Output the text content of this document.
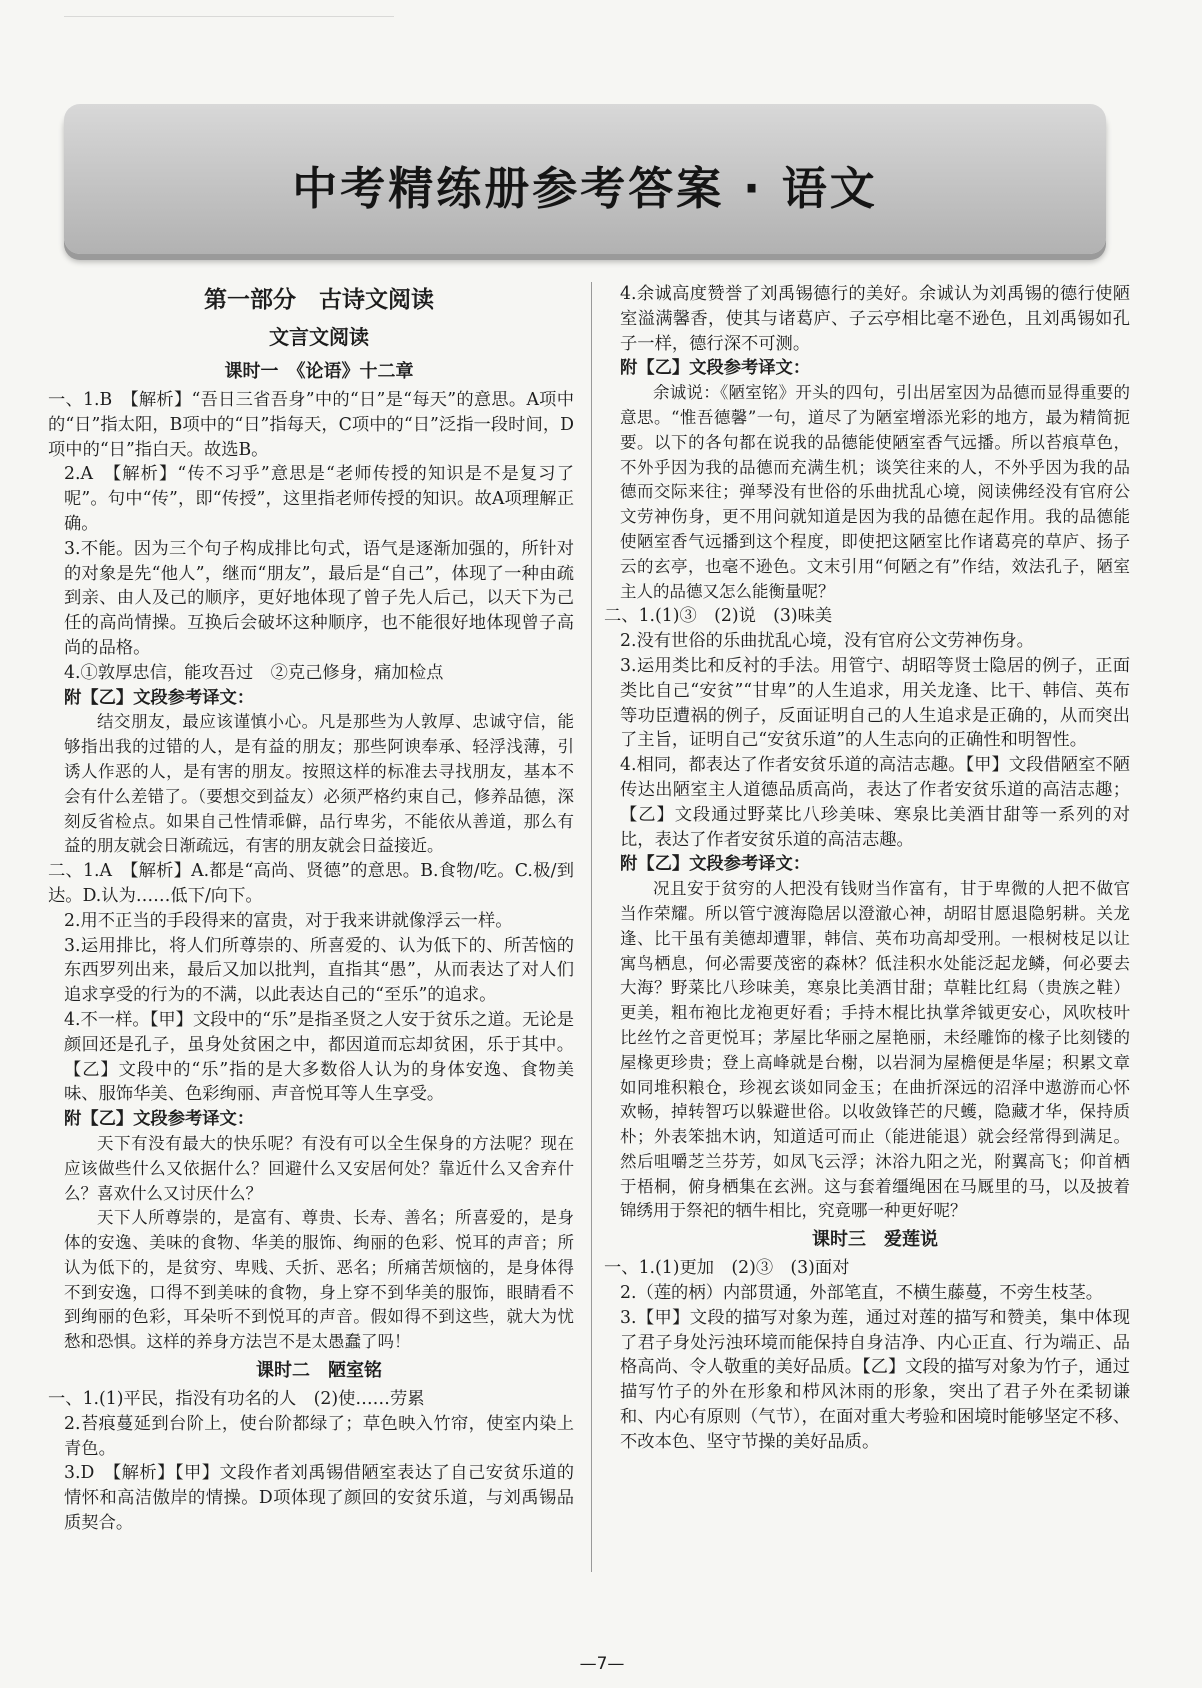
中考精练册参考答案 · 语文
第一部分　古诗文阅读
文言文阅读
课时一　《论语》十二章

一、1.B　【解析】“吾日三省吾身”中的“日”是“每天”的意思。A项中的“日”指太阳，B项中的“日”指每天，C项中的“日”泛指一段时间，D项中的“日”指白天。故选B。

2.A　【解析】“传不习乎”意思是“老师传授的知识是不是复习了呢”。句中“传”，即“传授”，这里指老师传授的知识。故A项理解正确。

3.不能。因为三个句子构成排比句式，语气是逐渐加强的，所针对的对象是先“他人”，继而“朋友”，最后是“自己”，体现了一种由疏到亲、由人及己的顺序，更好地体现了曾子先人后己，以天下为己任的高尚情操。互换后会破坏这种顺序，也不能很好地体现曾子高尚的品格。

4.①敦厚忠信，能攻吾过　②克己修身，痛加检点

附【乙】文段参考译文：

结交朋友，最应该谨慎小心。凡是那些为人敦厚、忠诚守信，能够指出我的过错的人，是有益的朋友；那些阿谀奉承、轻浮浅薄，引诱人作恶的人，是有害的朋友。按照这样的标准去寻找朋友，基本不会有什么差错了。（要想交到益友）必须严格约束自己，修养品德，深刻反省检点。如果自己性情乖僻，品行卑劣，不能依从善道，那么有益的朋友就会日渐疏远，有害的朋友就会日益接近。

二、1.A　【解析】A.都是“高尚、贤德”的意思。B.食物/吃。C.极/到达。D.认为……低下/向下。

2.用不正当的手段得来的富贵，对于我来讲就像浮云一样。

3.运用排比，将人们所尊崇的、所喜爱的、认为低下的、所苦恼的东西罗列出来，最后又加以批判，直指其“愚”，从而表达了对人们追求享受的行为的不满，以此表达自己的“至乐”的追求。

4.不一样。【甲】文段中的“乐”是指圣贤之人安于贫乐之道。无论是颜回还是孔子，虽身处贫困之中，都因道而忘却贫困，乐于其中。【乙】文段中的“乐”指的是大多数俗人认为的身体安逸、食物美味、服饰华美、色彩绚丽、声音悦耳等人生享受。

附【乙】文段参考译文：

天下有没有最大的快乐呢？有没有可以全生保身的方法呢？现在应该做些什么又依据什么？回避什么又安居何处？靠近什么又舍弃什么？喜欢什么又讨厌什么？

天下人所尊崇的，是富有、尊贵、长寿、善名；所喜爱的，是身体的安逸、美味的食物、华美的服饰、绚丽的色彩、悦耳的声音；所认为低下的，是贫穷、卑贱、夭折、恶名；所痛苦烦恼的，是身体得不到安逸，口得不到美味的食物，身上穿不到华美的服饰，眼睛看不到绚丽的色彩，耳朵听不到悦耳的声音。假如得不到这些，就大为忧愁和恐惧。这样的养身方法岂不是太愚蠢了吗！

课时二　陋室铭

一、1.(1)平民，指没有功名的人　(2)使……劳累

2.苔痕蔓延到台阶上，使台阶都绿了；草色映入竹帘，使室内染上青色。

3.D　【解析】【甲】文段作者刘禹锡借陋室表达了自己安贫乐道的情怀和高洁傲岸的情操。D项体现了颜回的安贫乐道，与刘禹锡品质契合。

4.余诚高度赞誉了刘禹锡德行的美好。余诚认为刘禹锡的德行使陋室溢满馨香，使其与诸葛庐、子云亭相比毫不逊色，且刘禹锡如孔子一样，德行深不可测。

附【乙】文段参考译文：

余诚说：《陋室铭》开头的四句，引出居室因为品德而显得重要的意思。“惟吾德馨”一句，道尽了为陋室增添光彩的地方，最为精简扼要。以下的各句都在说我的品德能使陋室香气远播。所以苔痕草色，不外乎因为我的品德而充满生机；谈笑往来的人，不外乎因为我的品德而交际来往；弹琴没有世俗的乐曲扰乱心境，阅读佛经没有官府公文劳神伤身，更不用问就知道是因为我的品德在起作用。我的品德能使陋室香气远播到这个程度，即使把这陋室比作诸葛亮的草庐、扬子云的玄亭，也毫不逊色。文末引用“何陋之有”作结，效法孔子，陋室主人的品德又怎么能衡量呢？

二、1.(1)③　(2)说　(3)味美

2.没有世俗的乐曲扰乱心境，没有官府公文劳神伤身。

3.运用类比和反衬的手法。用管宁、胡昭等贤士隐居的例子，正面类比自己“安贫”“甘卑”的人生追求，用关龙逢、比干、韩信、英布等功臣遭祸的例子，反面证明自己的人生追求是正确的，从而突出了主旨，证明自己“安贫乐道”的人生志向的正确性和明智性。

4.相同，都表达了作者安贫乐道的高洁志趣。【甲】文段借陋室不陋传达出陋室主人道德品质高尚，表达了作者安贫乐道的高洁志趣；【乙】文段通过野菜比八珍美味、寒泉比美酒甘甜等一系列的对比，表达了作者安贫乐道的高洁志趣。

附【乙】文段参考译文：

况且安于贫穷的人把没有钱财当作富有，甘于卑微的人把不做官当作荣耀。所以管宁渡海隐居以澄澈心神，胡昭甘愿退隐躬耕。关龙逢、比干虽有美德却遭罪，韩信、英布功高却受刑。一根树枝足以让寓鸟栖息，何必需要茂密的森林？低洼积水处能泛起龙鳞，何必要去大海？野菜比八珍味美，寒泉比美酒甘甜；草鞋比红舄（贵族之鞋）更美，粗布袍比龙袍更好看；手持木棍比执掌斧钺更安心，风吹枝叶比丝竹之音更悦耳；茅屋比华丽之屋艳丽，未经雕饰的椽子比刻镂的屋椽更珍贵；登上高峰就是台榭，以岩洞为屋檐便是华屋；积累文章如同堆积粮仓，珍视玄谈如同金玉；在曲折深远的沼泽中遨游而心怀欢畅，掉转智巧以躲避世俗。以收敛锋芒的尺蠖，隐藏才华，保持质朴；外表笨拙木讷，知道适可而止（能进能退）就会经常得到满足。然后咀嚼芝兰芬芳，如凤飞云浮；沐浴九阳之光，附翼高飞；仰首栖于梧桐，俯身栖集在玄洲。这与套着缰绳困在马厩里的马，以及披着锦绣用于祭祀的牺牛相比，究竟哪一种更好呢？

课时三　爱莲说

一、1.(1)更加　(2)③　(3)面对

2.（莲的柄）内部贯通，外部笔直，不横生藤蔓，不旁生枝茎。

3.【甲】文段的描写对象为莲，通过对莲的描写和赞美，集中体现了君子身处污浊环境而能保持自身洁净、内心正直、行为端正、品格高尚、令人敬重的美好品质。【乙】文段的描写对象为竹子，通过描写竹子的外在形象和栉风沐雨的形象，突出了君子外在柔韧谦和、内心有原则（气节），在面对重大考验和困境时能够坚定不移、不改本色、坚守节操的美好品质。

—7—
